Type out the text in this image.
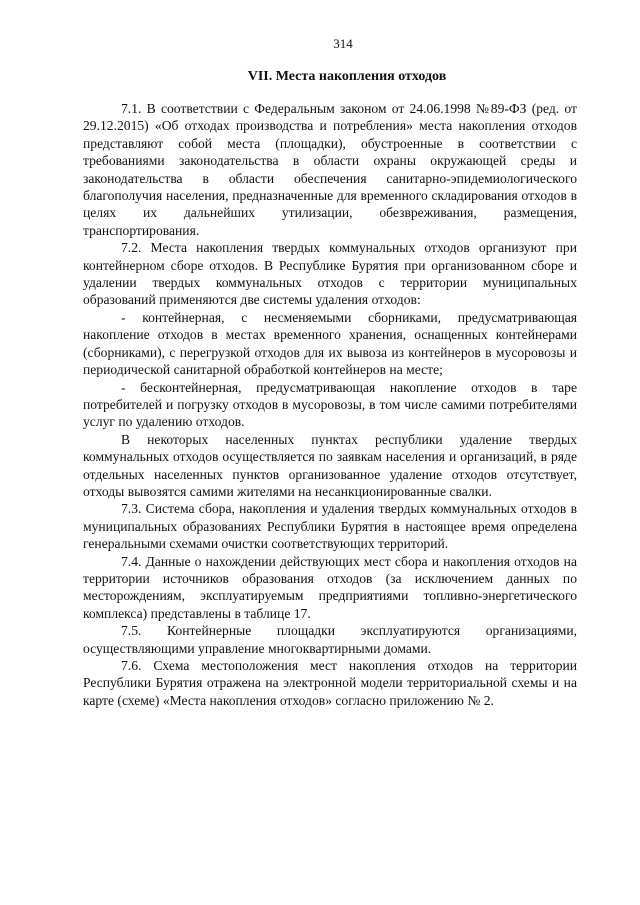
314

VII. Места накопления отходов

7.1. В соответствии с Федеральным законом от 24.06.1998 №89-ФЗ (ред. от 29.12.2015) «Об отходах производства и потребления» места накопления отходов представляют собой места (площадки), обустроенные в соответствии с требованиями законодательства в области охраны окружающей среды и законодательства в области обеспечения санитарно-эпидемиологического благополучия населения, предназначенные для временного складирования отходов в целях их дальнейших утилизации, обезвреживания, размещения, транспортирования.

7.2. Места накопления твердых коммунальных отходов организуют при контейнерном сборе отходов. В Республике Бурятия при организованном сборе и удалении твердых коммунальных отходов с территории муниципальных образований применяются две системы удаления отходов:

- контейнерная, с несменяемыми сборниками, предусматривающая накопление отходов в местах временного хранения, оснащенных контейнерами (сборниками), с перегрузкой отходов для их вывоза из контейнеров в мусоровозы и периодической санитарной обработкой контейнеров на месте;

- бесконтейнерная, предусматривающая накопление отходов в таре потребителей и погрузку отходов в мусоровозы, в том числе самими потребителями услуг по удалению отходов.

В некоторых населенных пунктах республики удаление твердых коммунальных отходов осуществляется по заявкам населения и организаций, в ряде отдельных населенных пунктов организованное удаление отходов отсутствует, отходы вывозятся самими жителями на несанкционированные свалки.

7.3. Система сбора, накопления и удаления твердых коммунальных отходов в муниципальных образованиях Республики Бурятия в настоящее время определена генеральными схемами очистки соответствующих территорий.

7.4. Данные о нахождении действующих мест сбора и накопления отходов на территории источников образования отходов (за исключением данных по месторождениям, эксплуатируемым предприятиями топливно-энергетического комплекса) представлены в таблице 17.

7.5. Контейнерные площадки эксплуатируются организациями, осуществляющими управление многоквартирными домами.

7.6. Схема местоположения мест накопления отходов на территории Республики Бурятия отражена на электронной модели территориальной схемы и на карте (схеме) «Места накопления отходов» согласно приложению № 2.
